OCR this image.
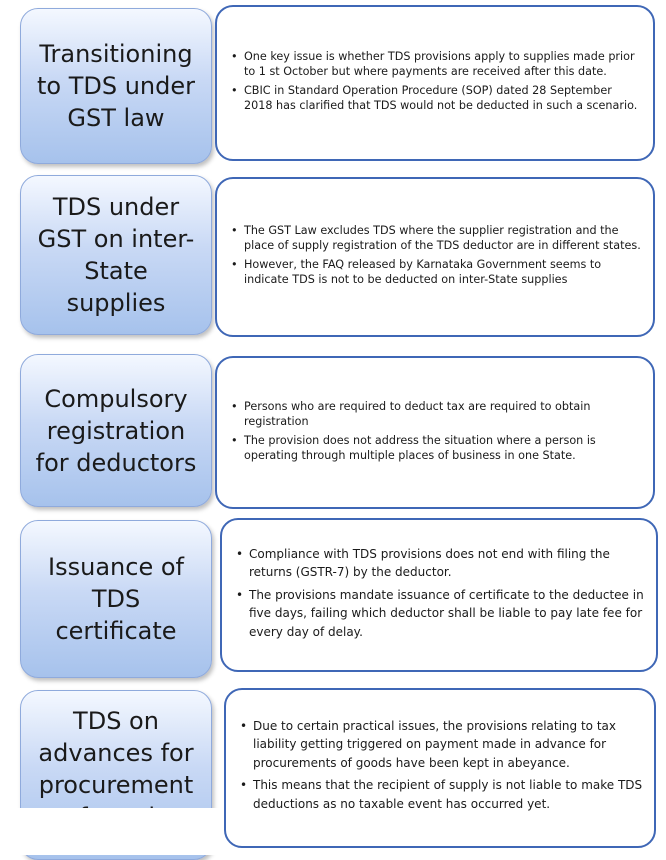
Transitioning
to TDS under
GST law
• One key issue is whether TDS provisions apply to supplies made prior to 1 st October but where payments are received after this date.
• CBIC in Standard Operation Procedure (SOP) dated 28 September 2018 has clarified that TDS would not be deducted in such a scenario.
TDS under
GST on inter-
State
supplies
• The GST Law excludes TDS where the supplier registration and the place of supply registration of the TDS deductor are in different states.
• However, the FAQ released by Karnataka Government seems to indicate TDS is not to be deducted on inter-State supplies
Compulsory
registration
for deductors
• Persons who are required to deduct tax are required to obtain registration
• The provision does not address the situation where a person is operating through multiple places of business in one State.
Issuance of
TDS
certificate
• Compliance with TDS provisions does not end with filing the returns (GSTR-7) by the deductor.
• The provisions mandate issuance of certificate to the deductee in five days, failing which deductor shall be liable to pay late fee for every day of delay.
TDS on
advances for
procurement
• Due to certain practical issues, the provisions relating to tax liability getting triggered on payment made in advance for procurements of goods have been kept in abeyance.
• This means that the recipient of supply is not liable to make TDS deductions as no taxable event has occurred yet.
